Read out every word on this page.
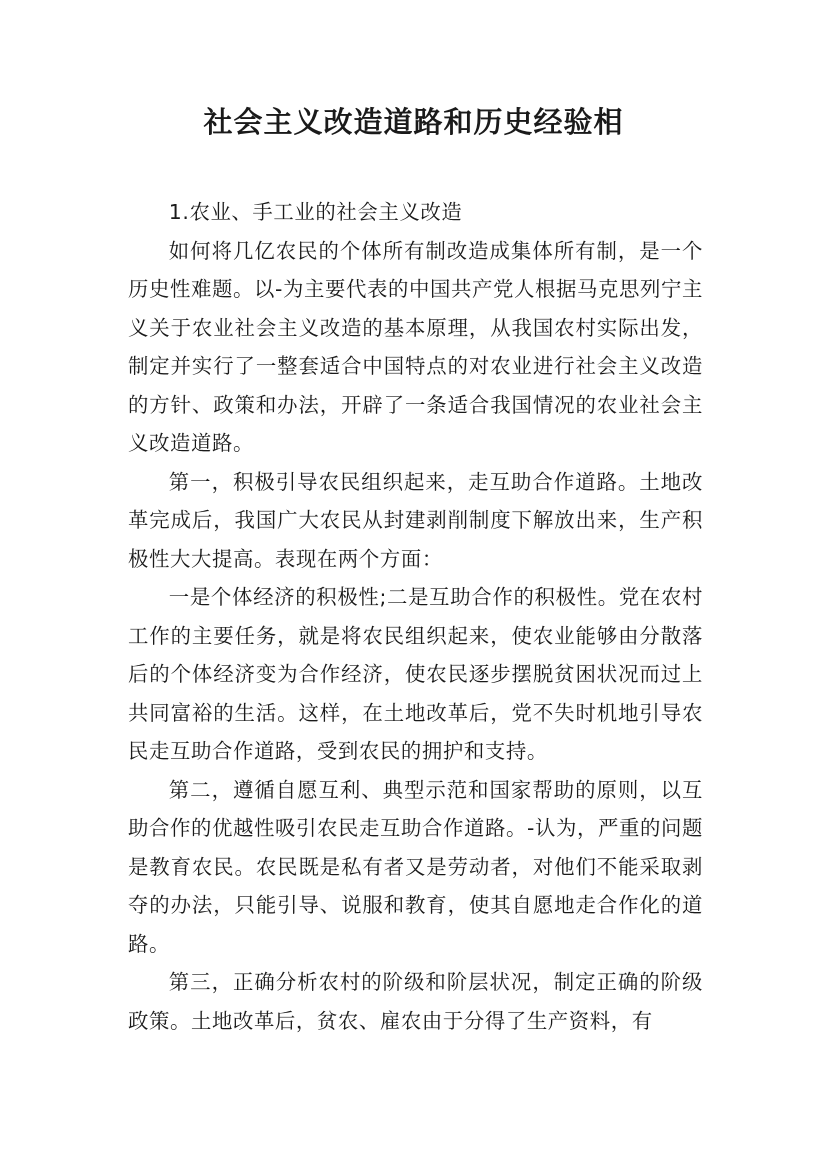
社会主义改造道路和历史经验相

1.农业、手工业的社会主义改造

如何将几亿农民的个体所有制改造成集体所有制，是一个历史性难题。以-为主要代表的中国共产党人根据马克思列宁主义关于农业社会主义改造的基本原理，从我国农村实际出发，制定并实行了一整套适合中国特点的对农业进行社会主义改造的方针、政策和办法，开辟了一条适合我国情况的农业社会主义改造道路。

第一，积极引导农民组织起来，走互助合作道路。土地改革完成后，我国广大农民从封建剥削制度下解放出来，生产积极性大大提高。表现在两个方面：

一是个体经济的积极性;二是互助合作的积极性。党在农村工作的主要任务，就是将农民组织起来，使农业能够由分散落后的个体经济变为合作经济，使农民逐步摆脱贫困状况而过上共同富裕的生活。这样，在土地改革后，党不失时机地引导农民走互助合作道路，受到农民的拥护和支持。

第二，遵循自愿互利、典型示范和国家帮助的原则，以互助合作的优越性吸引农民走互助合作道路。-认为，严重的问题是教育农民。农民既是私有者又是劳动者，对他们不能采取剥夺的办法，只能引导、说服和教育，使其自愿地走合作化的道路。

第三，正确分析农村的阶级和阶层状况，制定正确的阶级政策。土地改革后，贫农、雇农由于分得了生产资料，有
